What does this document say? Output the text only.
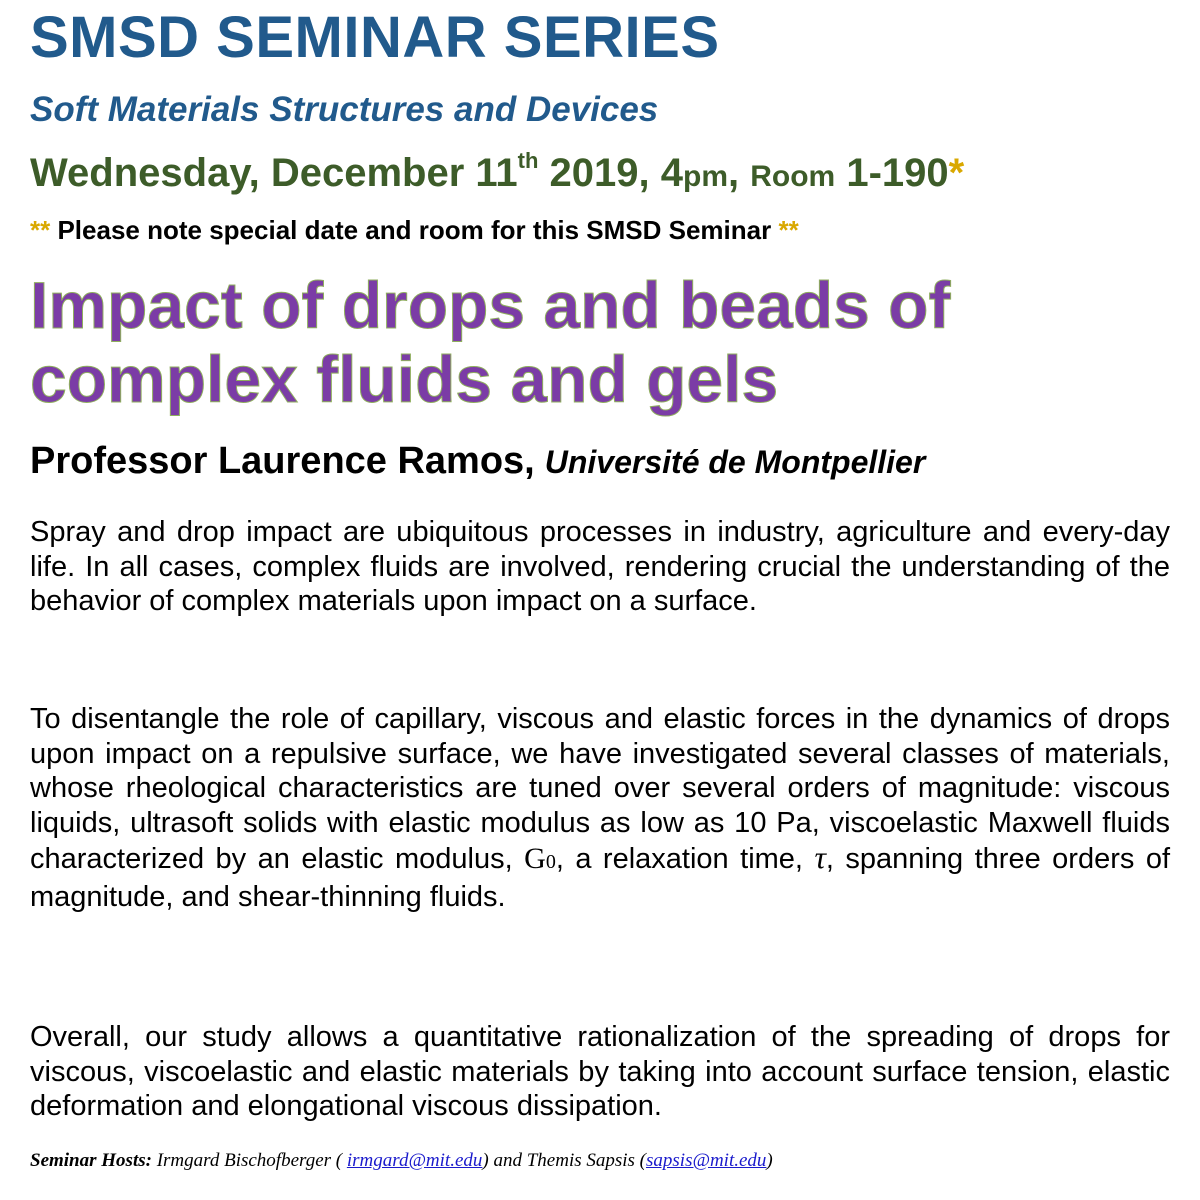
SMSD SEMINAR SERIES
Soft Materials Structures and Devices
Wednesday, December 11th 2019, 4pm, Room 1-190*
** Please note special date and room for this SMSD Seminar **
Impact of drops and beads of
complex fluids and gels
Professor Laurence Ramos, Université de Montpellier
Spray and drop impact are ubiquitous processes in industry, agriculture and every-day life. In all cases, complex fluids are involved, rendering crucial the understanding of the behavior of complex materials upon impact on a surface.
To disentangle the role of capillary, viscous and elastic forces in the dynamics of drops upon impact on a repulsive surface, we have investigated several classes of materials, whose rheological characteristics are tuned over several orders of magnitude: viscous liquids, ultrasoft solids with elastic modulus as low as 10 Pa, viscoelastic Maxwell fluids characterized by an elastic modulus, G0, a relaxation time, τ, spanning three orders of magnitude, and shear-thinning fluids.
Overall, our study allows a quantitative rationalization of the spreading of drops for viscous, viscoelastic and elastic materials by taking into account surface tension, elastic deformation and elongational viscous dissipation.
Seminar Hosts: Irmgard Bischofberger ( irmgard@mit.edu) and Themis Sapsis (sapsis@mit.edu)
